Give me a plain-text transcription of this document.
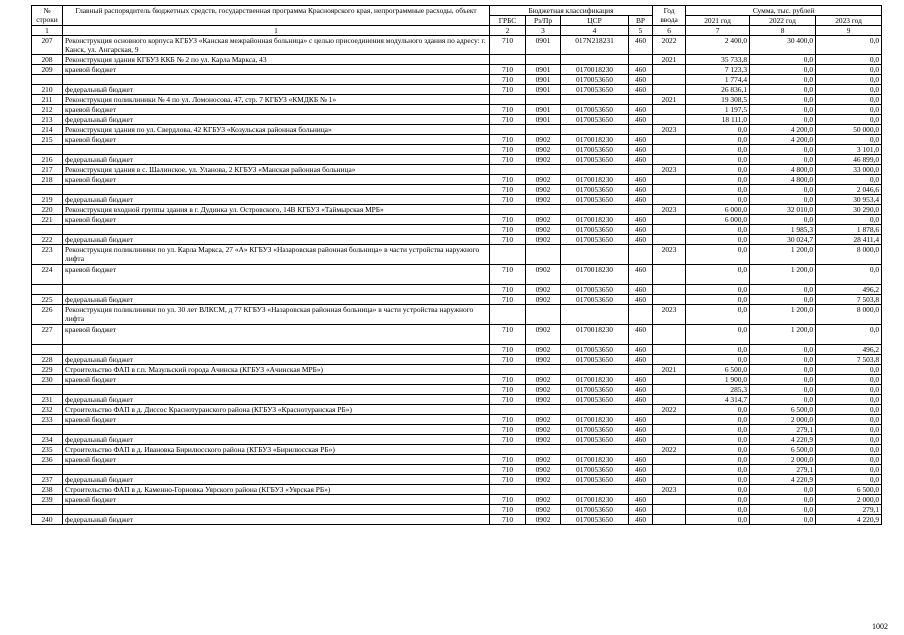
№
строки	Главный распорядитель бюджетных средств, государственная программа Красноярского края, непрограммные расходы, объект	Бюджетная классификация				Год
ввода	Сумма, тыс. рублей		
		ГРБС	Рз/Пр	ЦСР	ВР		2021 год	2022 год	2023 год
1	1	2	3	4	5	6	7	8	9
207	Реконструкция основного корпуса КГБУЗ «Канская межрайонная больница» с целью присоединения модульного здания по адресу: г. Канск, ул. Ангарская, 9	710	0901	017N218231	460	2022	2 400,0	30 400,0	0,0
208	Реконструкция здания КГБУЗ ККБ № 2 по ул. Карла Маркса, 43					2021	35 733,8	0,0	0,0
209	краевой бюджет	710	0901	0170018230	460		7 123,3	0,0	0,0
		710	0901	0170053650	460		1 774,4	0,0	0,0
210	федеральный бюджет	710	0901	0170053650	460		26 836,1	0,0	0,0
211	Реконструкция поликлиники № 4 по ул. Ломоносова, 47, стр. 7 КГБУЗ «КМДКБ № 1»					2021	19 308,5	0,0	0,0
212	краевой бюджет	710	0901	0170053650	460		1 197,5	0,0	0,0
213	федеральный бюджет	710	0901	0170053650	460		18 111,0	0,0	0,0
214	Реконструкция здания по ул. Свердлова, 42 КГБУЗ «Козульская районная больница»					2023	0,0	4 200,0	50 000,0
215	краевой бюджет	710	0902	0170018230	460		0,0	4 200,0	0,0
		710	0902	0170053650	460		0,0	0,0	3 101,0
216	федеральный бюджет	710	0902	0170053650	460		0,0	0,0	46 899,0
217	Реконструкция здания в с. Шалинское, ул. Уланова, 2 КГБУЗ «Манская районная больница»					2023	0,0	4 800,0	33 000,0
218	краевой бюджет	710	0902	0170018230	460		0,0	4 800,0	0,0
		710	0902	0170053650	460		0,0	0,0	2 046,6
219	федеральный бюджет	710	0902	0170053650	460		0,0	0,0	30 953,4
220	Реконструкция входной группы здания в г. Дудинка ул. Островского, 14В КГБУЗ «Таймырская МРБ»					2023	6 000,0	32 010,0	30 290,0
221	краевой бюджет	710	0902	0170018230	460		6 000,0	0,0	0,0
		710	0902	0170053650	460		0,0	1 985,3	1 878,6
222	федеральный бюджет	710	0902	0170053650	460		0,0	30 024,7	28 411,4
223	Реконструкция поликлиники по ул. Карла Маркса, 27 «А» КГБУЗ «Назаровская районная больница» в части устройства наружного лифта					2023	0,0	1 200,0	8 000,0
224	краевой бюджет	710	0902	0170018230	460		0,0	1 200,0	0,0
		710	0902	0170053650	460		0,0	0,0	496,2
225	федеральный бюджет	710	0902	0170053650	460		0,0	0,0	7 503,8
226	Реконструкция поликлиники по ул. 30 лет ВЛКСМ, д 77 КГБУЗ «Назаровская районная больница» в части устройства наружного лифта					2023	0,0	1 200,0	8 000,0
227	краевой бюджет	710	0902	0170018230	460		0,0	1 200,0	0,0
		710	0902	0170053650	460		0,0	0,0	496,2
228	федеральный бюджет	710	0902	0170053650	460		0,0	0,0	7 503,8
229	Строительство ФАП в г.п. Мазульский города Ачинска (КГБУЗ «Ачинская МРБ»)					2021	6 500,0	0,0	0,0
230	краевой бюджет	710	0902	0170018230	460		1 900,0	0,0	0,0
		710	0902	0170053650	460		285,3	0,0	0,0
231	федеральный бюджет	710	0902	0170053650	460		4 314,7	0,0	0,0
232	Строительство ФАП в д. Диссос Краснотуранского района (КГБУЗ «Краснотуранская РБ»)					2022	0,0	6 500,0	0,0
233	краевой бюджет	710	0902	0170018230	460		0,0	2 000,0	0,0
		710	0902	0170053650	460		0,0	279,1	0,0
234	федеральный бюджет	710	0902	0170053650	460		0,0	4 220,9	0,0
235	Строительство ФАП в д. Ивановка Бирилюсского района (КГБУЗ «Бирилюсская РБ»)					2022	0,0	6 500,0	0,0
236	краевой бюджет	710	0902	0170018230	460		0,0	2 000,0	0,0
		710	0902	0170053650	460		0,0	279,1	0,0
237	федеральный бюджет	710	0902	0170053650	460		0,0	4 220,9	0,0
238	Строительство ФАП в д. Каменно-Горновка Уярского района (КГБУЗ «Уярская РБ»)					2023	0,0	0,0	6 500,0
239	краевой бюджет	710	0902	0170018230	460		0,0	0,0	2 000,0
		710	0902	0170053650	460		0,0	0,0	279,1
240	федеральный бюджет	710	0902	0170053650	460		0,0	0,0	4 220,9
1002
